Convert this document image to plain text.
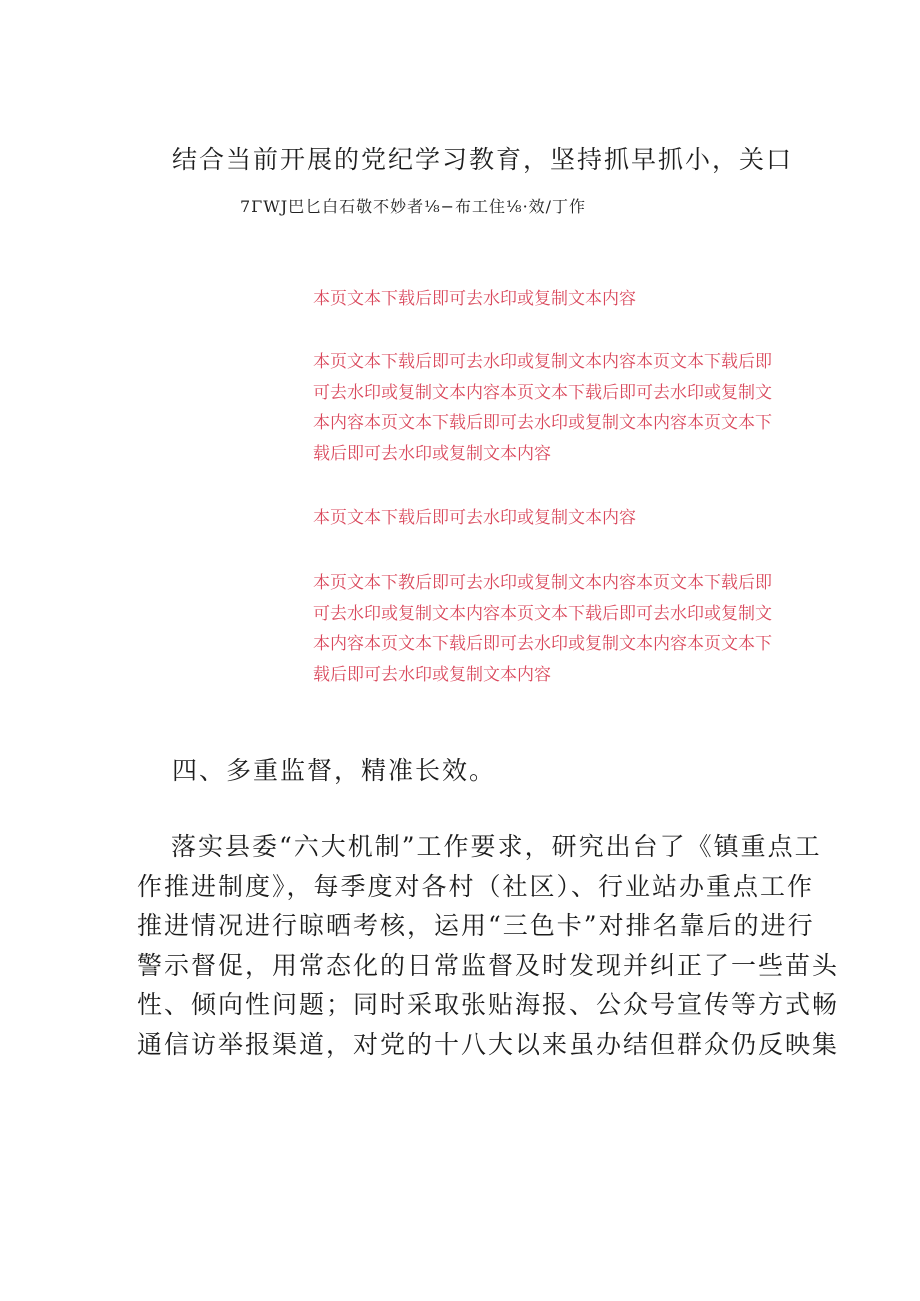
结合当前开展的党纪学习教育，坚持抓早抓小，关口
7ΓWJ巴匕白石敬不妙者⅛−布工住⅛·效/丁作
本页文本下载后即可去水印或复制文本内容
本页文本下载后即可去水印或复制文本内容本页文本下载后即可去水印或复制文本内容本页文本下载后即可去水印或复制文本内容本页文本下载后即可去水印或复制文本内容本页文本下载后即可去水印或复制文本内容
本页文本下载后即可去水印或复制文本内容
本页文本下教后即可去水印或复制文本内容本页文本下载后即可去水印或复制文本内容本页文本下载后即可去水印或复制文本内容本页文本下载后即可去水印或复制文本内容本页文本下载后即可去水印或复制文本内容
四、多重监督，精准长效。
落实县委“六大机制”工作要求，研究出台了《镇重点工
作推进制度》，每季度对各村（社区）、行业站办重点工作
推进情况进行晾晒考核，运用“三色卡”对排名靠后的进行
警示督促，用常态化的日常监督及时发现并纠正了一些苗头
性、倾向性问题；同时采取张贴海报、公众号宣传等方式畅
通信访举报渠道，对党的十八大以来虽办结但群众仍反映集
